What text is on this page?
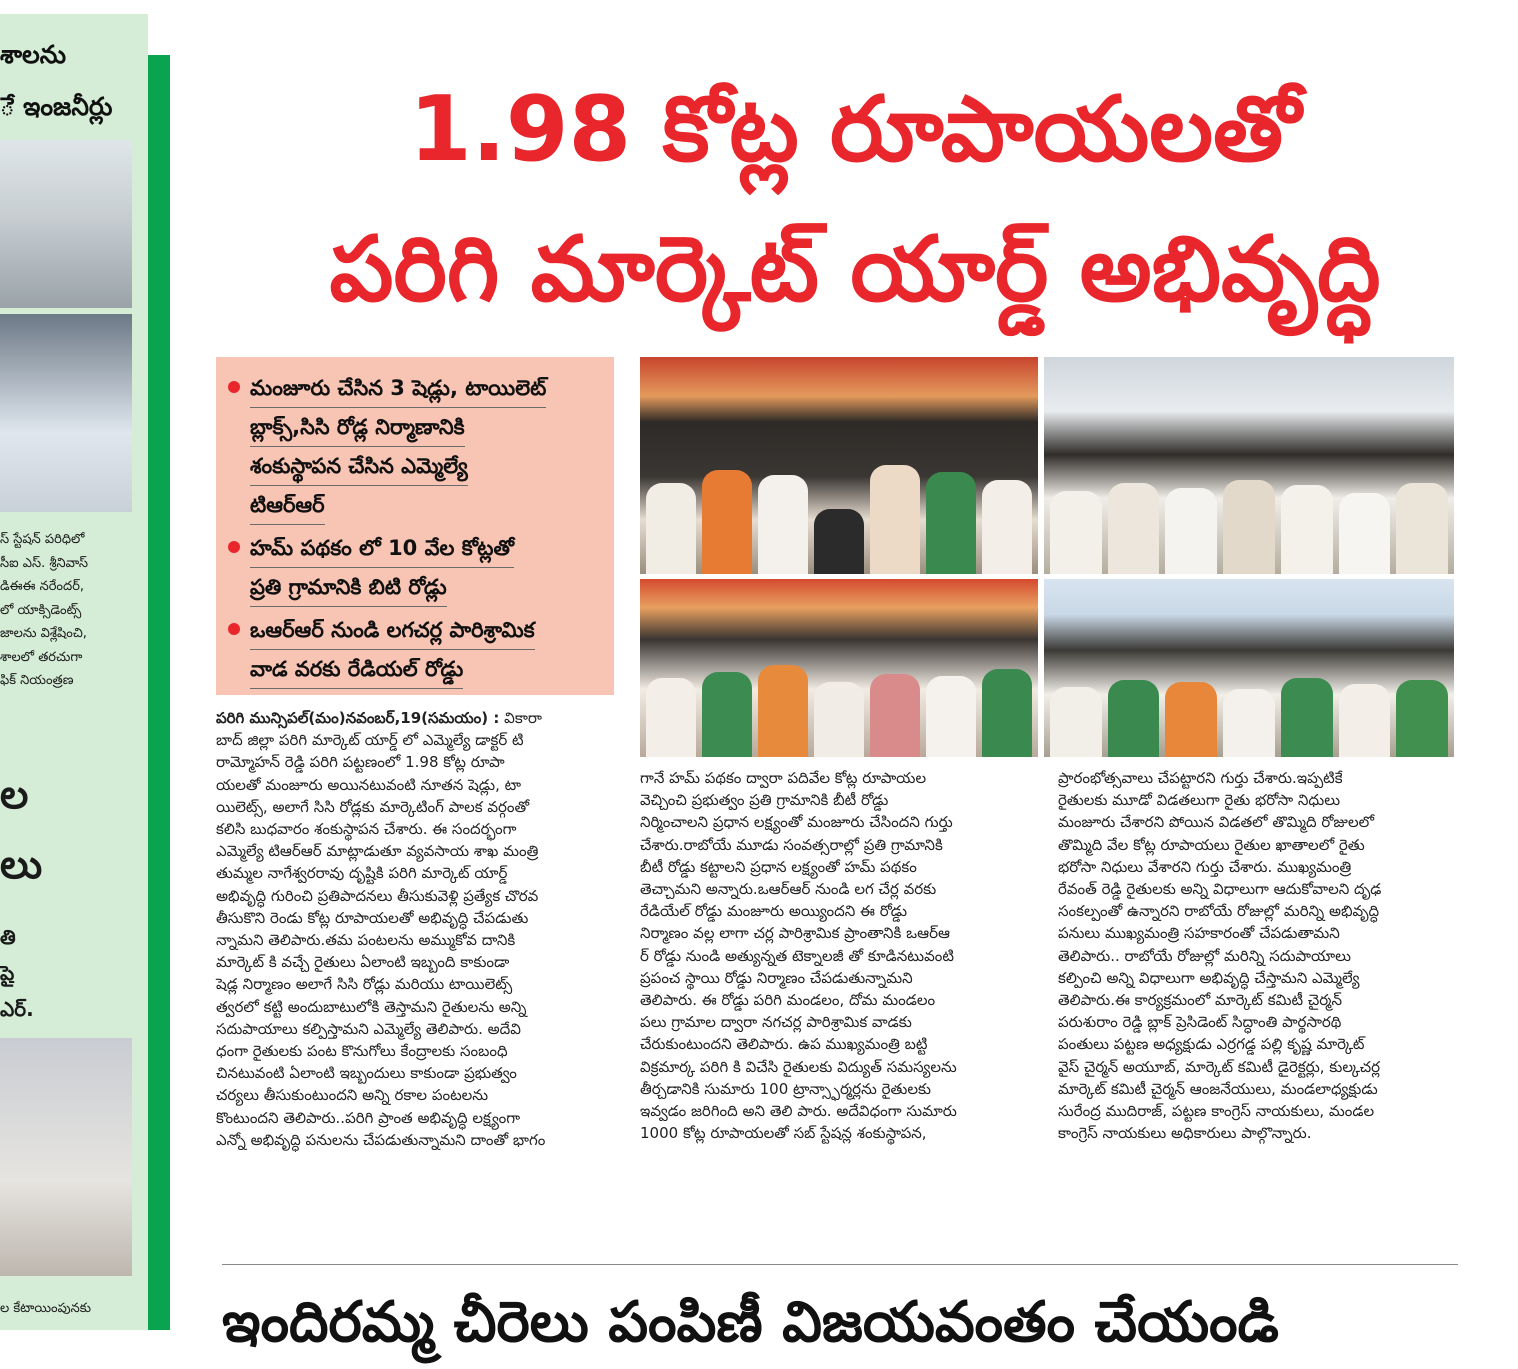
శాలను
ే ఇంజనీర్లు
స్ స్టేషన్ పరిధిలో
సీఐ ఎస్. శ్రీనివాస్
డిఈఈ నరేందర్,
లో యాక్సిడెంట్స్
జాలను విశ్లేషించి,
శాలలో తరచుగా
ఫిక్ నియంత్రణ
ల
లు
తి
పై
ఎర్.
ల కేటాయింపునకు
1.98 కోట్ల రూపాయలతో
పరిగి మార్కెట్ యార్డ్ అభివృద్ధి
మంజూరు చేసిన 3 షెడ్లు, టాయిలెట్
బ్లాక్స్,సిసి రోడ్ల నిర్మాణానికి
శంకుస్థాపన చేసిన ఎమ్మెల్యే
టిఆర్ఆర్
హమ్ పథకం లో 10 వేల కోట్లతో
ప్రతి గ్రామానికి బిటి రోడ్లు
ఒఆర్ఆర్ నుండి లగచర్ల పారిశ్రామిక
వాడ వరకు రేడియల్ రోడ్డు
పరిగి మున్సిపల్(మం)నవంబర్,19(సమయం) : వికారా
బాద్ జిల్లా పరిగి మార్కెట్ యార్డ్ లో ఎమ్మెల్యే డాక్టర్ టి
రామ్మోహన్ రెడ్డి పరిగి పట్టణంలో 1.98 కోట్ల రూపా
యలతో మంజూరు అయినటువంటి నూతన షెడ్లు, టా
యిలెట్స్, అలాగే సిసి రోడ్లకు మార్కెటింగ్ పాలక వర్గంతో
కలిసి బుధవారం శంకుస్థాపన చేశారు. ఈ సందర్భంగా
ఎమ్మెల్యే టిఆర్ఆర్ మాట్లాడుతూ వ్యవసాయ శాఖ మంత్రి
తుమ్మల నాగేశ్వరరావు దృష్టికి పరిగి మార్కెట్ యార్డ్
అభివృద్ధి గురించి ప్రతిపాదనలు తీసుకువెళ్లి ప్రత్యేక చొరవ
తీసుకొని రెండు కోట్ల రూపాయలతో అభివృద్ధి చేపడుతు
న్నామని తెలిపారు.తమ పంటలను అమ్ముకోవ దానికి
మార్కెట్ కి వచ్చే రైతులు ఏలాంటి ఇబ్బంది కాకుండా
షెడ్ల నిర్మాణం అలాగే సిసి రోడ్లు మరియు టాయిలెట్స్
త్వరలో కట్టి అందుబాటులోకి తెస్తామని రైతులను అన్ని
సదుపాయాలు కల్పిస్తామని ఎమ్మెల్యే తెలిపారు. అదేవి
ధంగా రైతులకు పంట కొనుగోలు కేంద్రాలకు సంబంధి
చినటువంటి ఏలాంటి ఇబ్బందులు కాకుండా ప్రభుత్వం
చర్యలు తీసుకుంటుందని అన్ని రకాల పంటలను
కొంటుందని తెలిపారు..పరిగి ప్రాంత అభివృద్ధి లక్ష్యంగా
ఎన్నో అభివృద్ధి పనులను చేపడుతున్నామని దాంతో భాగం
గానే హమ్ పథకం ద్వారా పదివేల కోట్ల రూపాయల
వెచ్చించి ప్రభుత్వం ప్రతి గ్రామానికి బీటీ రోడ్డు
నిర్మించాలని ప్రధాన లక్ష్యంతో మంజూరు చేసిందని గుర్తు
చేశారు.రాబోయే మూడు సంవత్సరాల్లో ప్రతి గ్రామానికి
బీటీ రోడ్డు కట్టాలని ప్రధాన లక్ష్యంతో హమ్ పథకం
తెచ్చామని అన్నారు.ఒఆర్ఆర్ నుండి లగ చేర్ల వరకు
రేడియేల్ రోడ్డు మంజూరు అయ్యిందని ఈ రోడ్డు
నిర్మాణం వల్ల లాగా చర్ల పారిశ్రామిక ప్రాంతానికి ఒఆర్ఆ
ర్ రోడ్డు నుండి అత్యున్నత టెక్నాలజీ తో కూడినటువంటి
ప్రపంచ స్థాయి రోడ్డు నిర్మాణం చేపడుతున్నామని
తెలిపారు. ఈ రోడ్డు పరిగి మండలం, దోమ మండలం
పలు గ్రామాల ద్వారా నగచర్ల పారిశ్రామిక వాడకు
చేరుకుంటుందని తెలిపారు. ఉప ముఖ్యమంత్రి బట్టి
విక్రమార్క పరిగి కి విచేసి రైతులకు విద్యుత్ సమస్యలను
తీర్చడానికి సుమారు 100 ట్రాన్స్ఫార్మర్లను రైతులకు
ఇవ్వడం జరిగింది అని తెలి పారు. అదేవిధంగా సుమారు
1000 కోట్ల రూపాయలతో సబ్ స్టేషన్ల శంకుస్థాపన,
ప్రారంభోత్సవాలు చేపట్టారని గుర్తు చేశారు.ఇప్పటికే
రైతులకు మూడో విడతలుగా రైతు భరోసా నిధులు
మంజూరు చేశారని పోయిన విడతలో తొమ్మిది రోజులలో
తొమ్మిది వేల కోట్ల రూపాయలు రైతుల ఖాతాలలో రైతు
భరోసా నిధులు వేశారని గుర్తు చేశారు. ముఖ్యమంత్రి
రేవంత్ రెడ్డి రైతులకు అన్ని విధాలుగా ఆదుకోవాలని దృఢ
సంకల్పంతో ఉన్నారని రాబోయే రోజుల్లో మరిన్ని అభివృద్ధి
పనులు ముఖ్యమంత్రి సహకారంతో చేపడుతామని
తెలిపారు.. రాబోయే రోజుల్లో మరిన్ని సదుపాయాలు
కల్పించి అన్ని విధాలుగా అభివృద్ధి చేస్తామని ఎమ్మెల్యే
తెలిపారు.ఈ కార్యక్రమంలో మార్కెట్ కమిటీ చైర్మన్
పరుశురాం రెడ్డి బ్లాక్ ప్రెసిడెంట్ సిద్ధాంతి పార్థసారథి
పంతులు పట్టణ అధ్యక్షుడు ఎర్రగడ్డ పల్లి కృష్ణ మార్కెట్
వైస్ చైర్మన్ అయూబ్, మార్కెట్ కమిటీ డైరెక్టర్లు, కుల్కచర్ల
మార్కెట్ కమిటీ చైర్మన్ ఆంజనేయులు, మండలాధ్యక్షుడు
సురేంద్ర ముదిరాజ్, పట్టణ కాంగ్రెస్ నాయకులు, మండల
కాంగ్రెస్ నాయకులు అధికారులు పాల్గొన్నారు.
ఇందిరమ్మ చీరెలు పంపిణీ విజయవంతం చేయండి
